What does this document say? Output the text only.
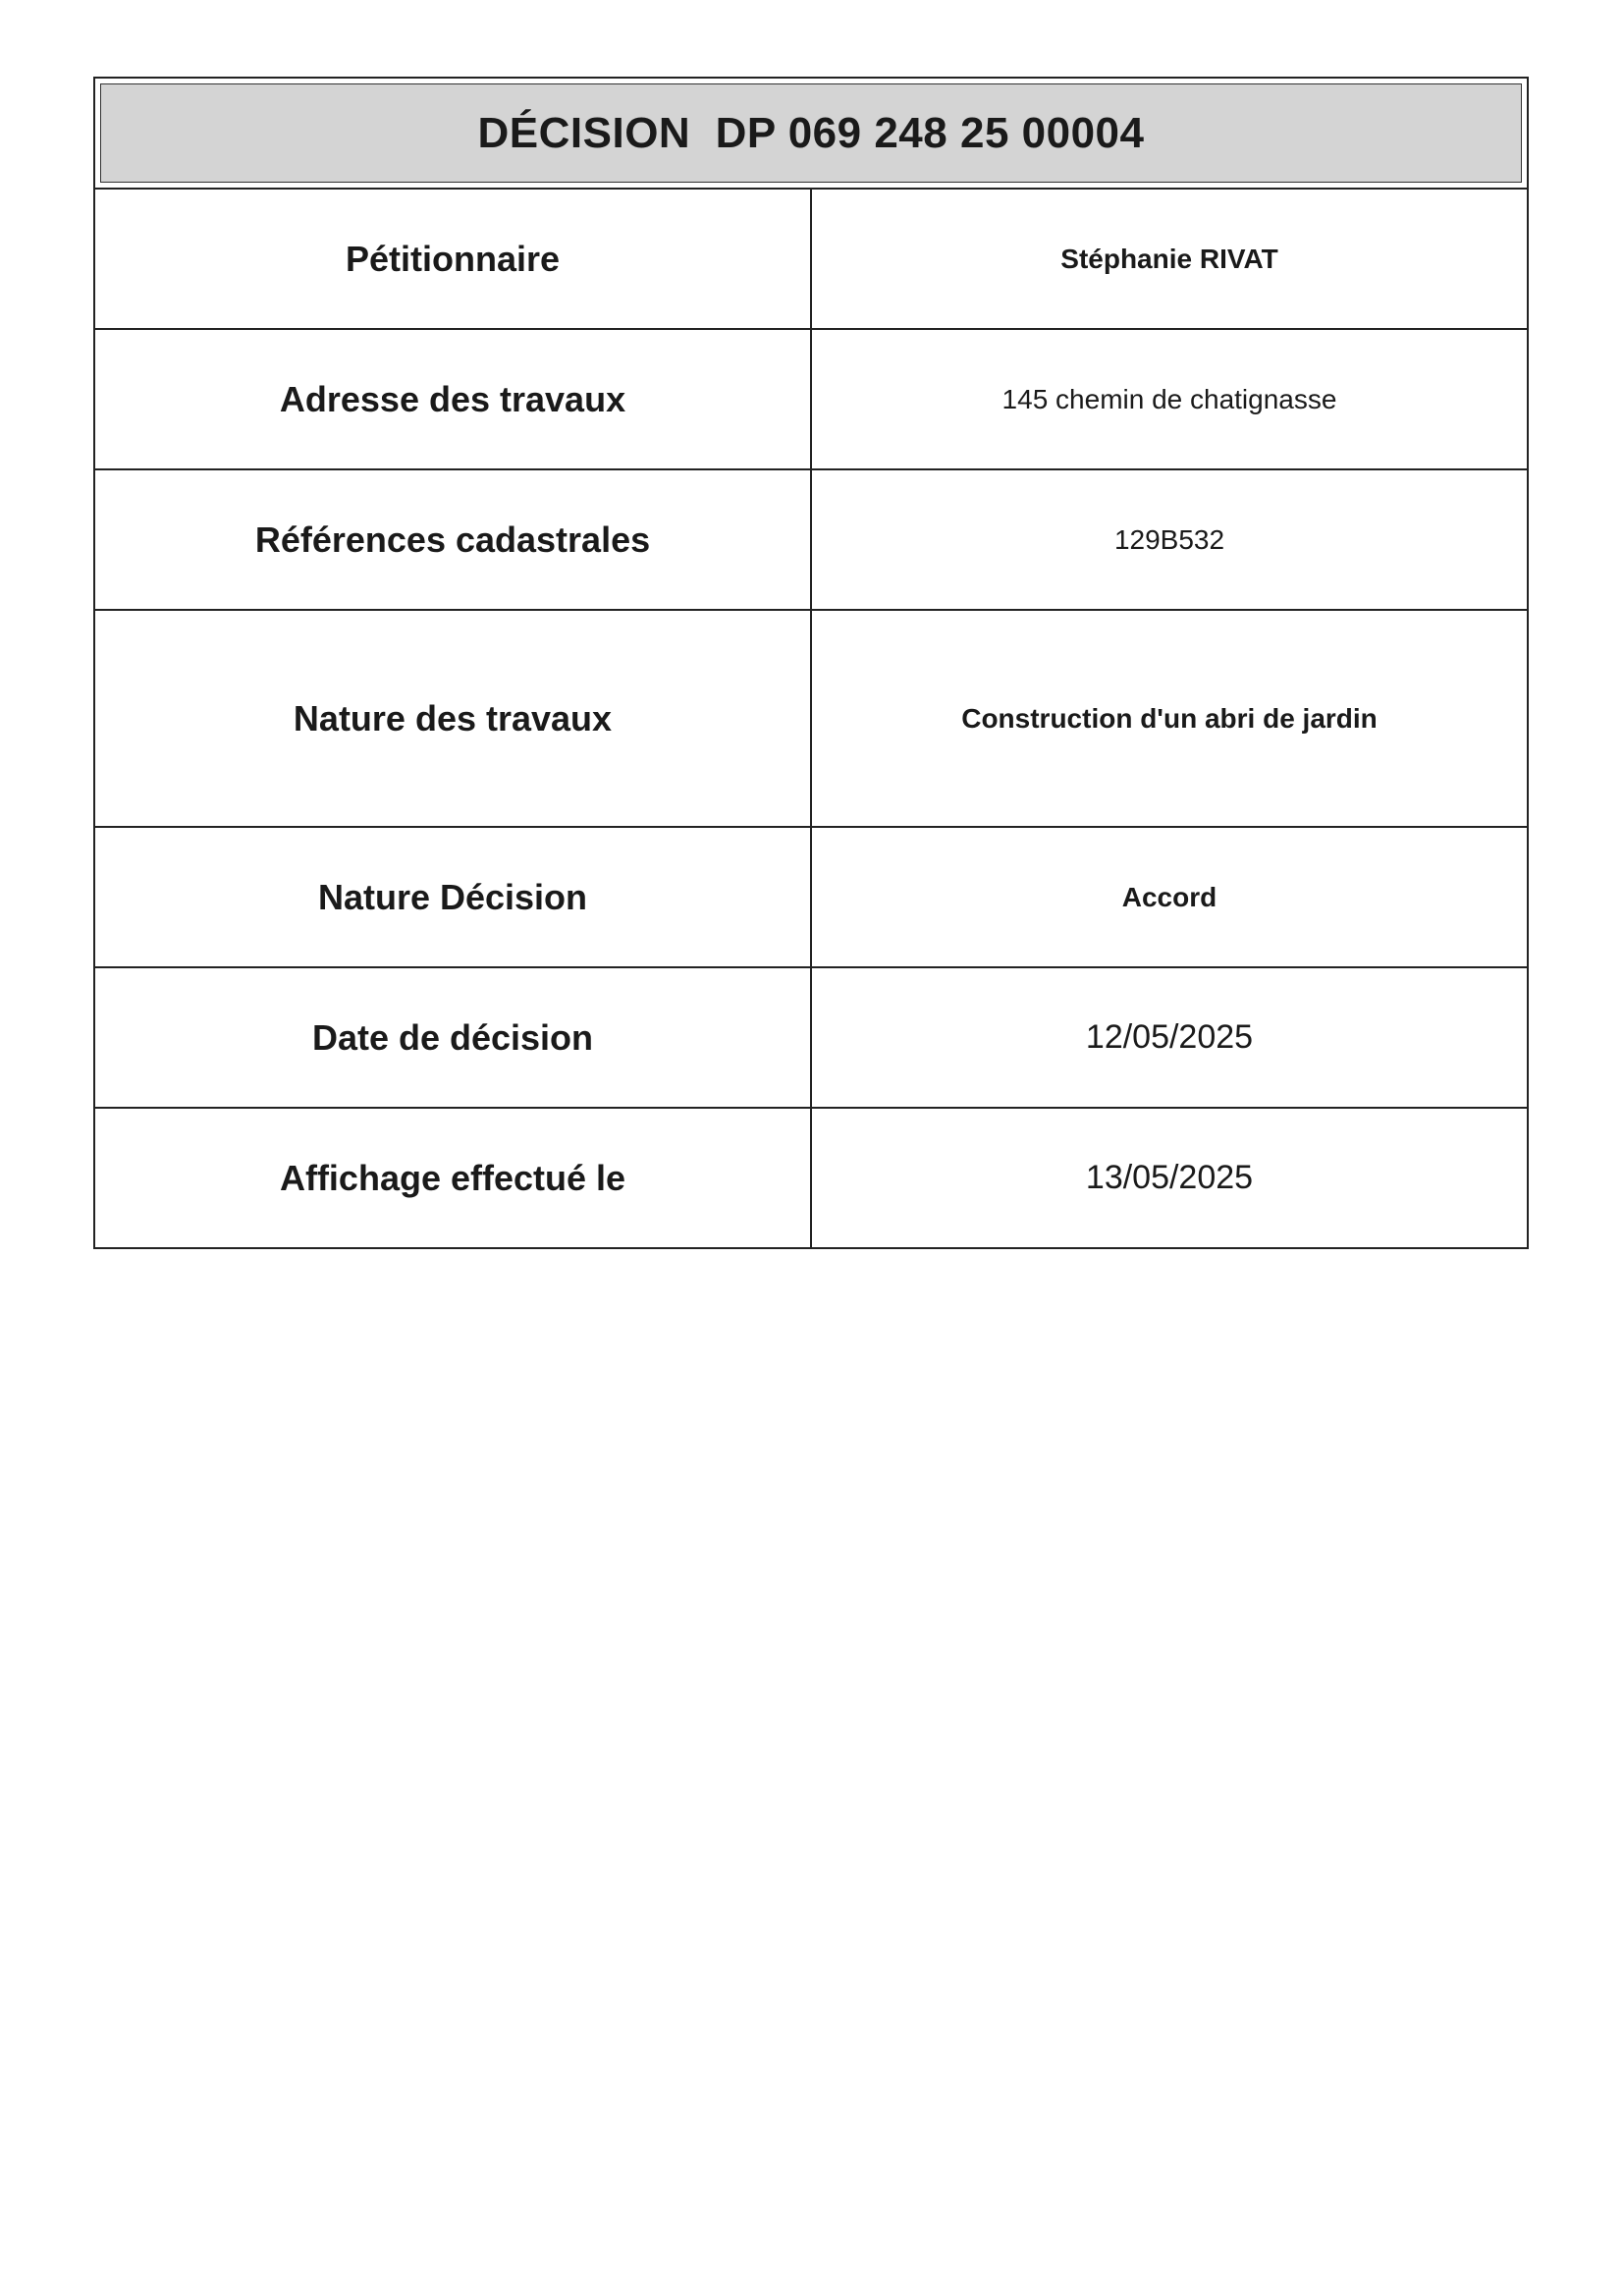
DÉCISION  DP 069 248 25 00004
Pétitionnaire	Stéphanie RIVAT
Adresse des travaux	145 chemin de chatignasse
Références cadastrales	129B532
Nature des travaux	Construction d'un abri de jardin
Nature Décision	Accord
Date de décision	12/05/2025
Affichage effectué le	13/05/2025
